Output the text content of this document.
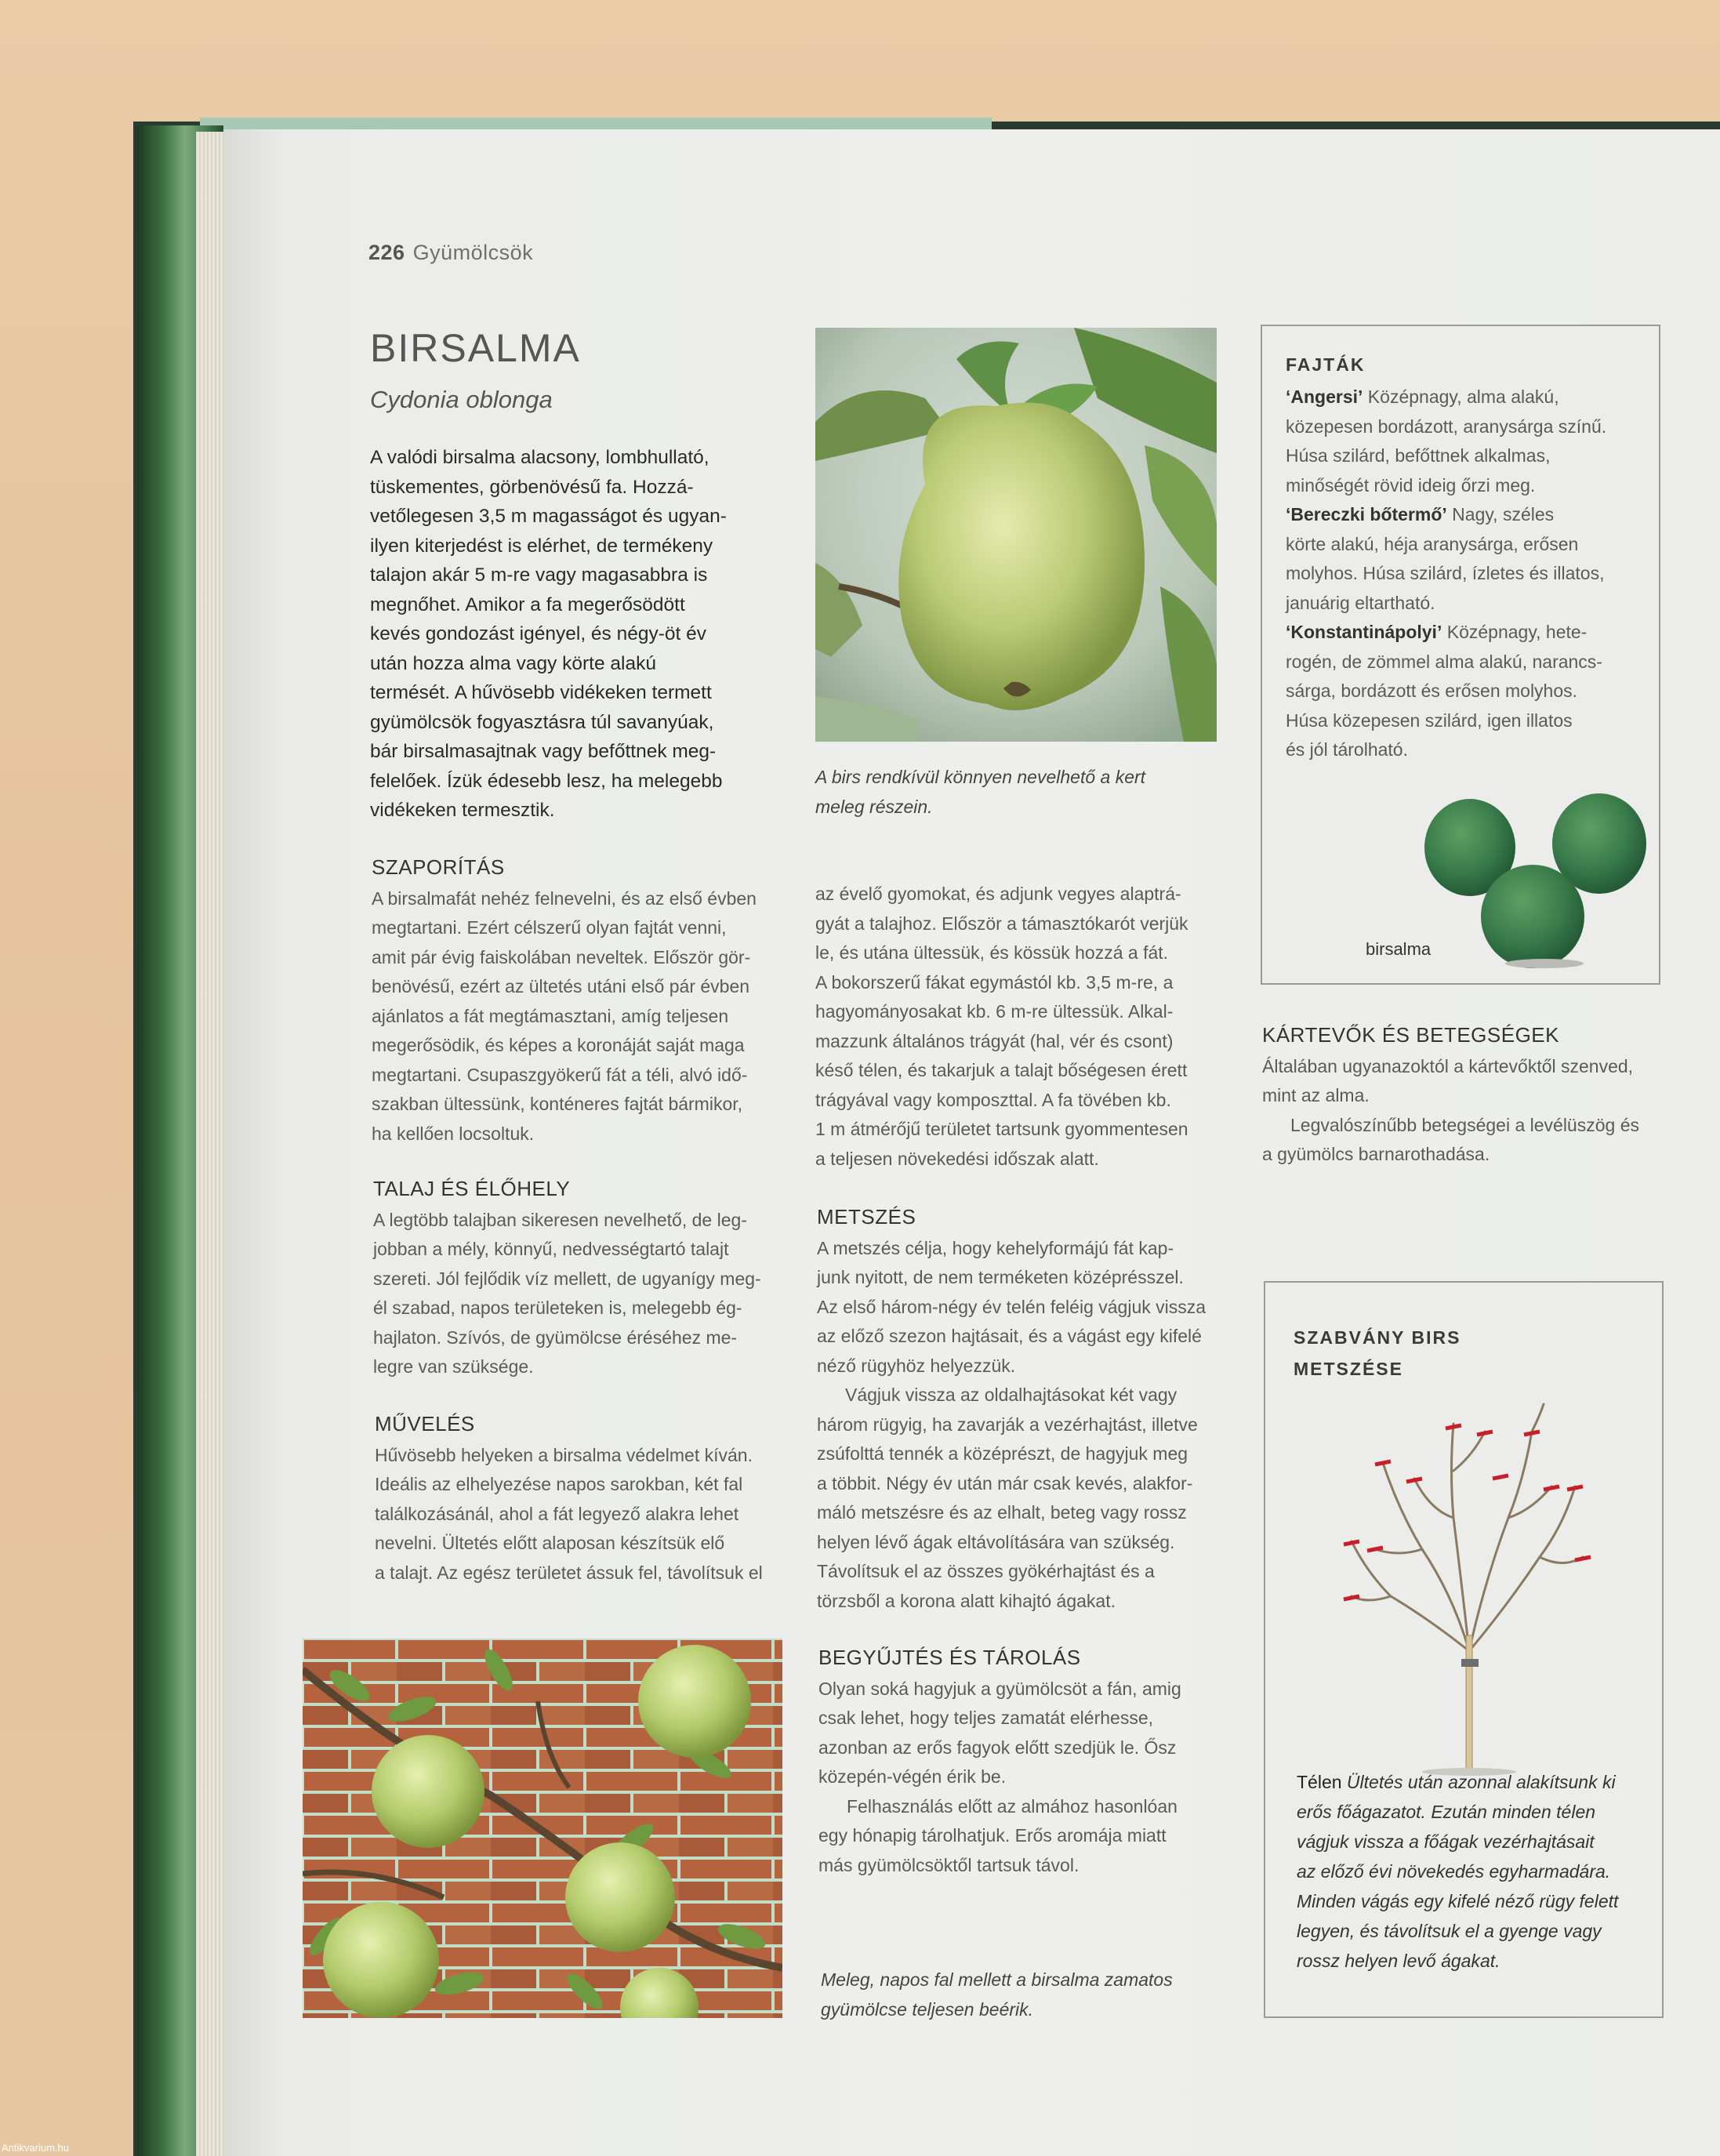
226 Gyümölcsök
BIRSALMA
Cydonia oblonga
A valódi birsalma alacsony, lombhullató,
tüskementes, görbenövésű fa. Hozzá-
vetőlegesen 3,5 m magasságot és ugyan-
ilyen kiterjedést is elérhet, de termékeny
talajon akár 5 m-re vagy magasabbra is
megnőhet. Amikor a fa megerősödött
kevés gondozást igényel, és négy-öt év
után hozza alma vagy körte alakú
termését. A hűvösebb vidékeken termett
gyümölcsök fogyasztásra túl savanyúak,
bár birsalmasajtnak vagy befőttnek meg-
felelőek. Ízük édesebb lesz, ha melegebb
vidékeken termesztik.
A birs rendkívül könnyen nevelhető a kert
meleg részein.
SZAPORÍTÁS
A birsalmafát nehéz felnevelni, és az első évben
megtartani. Ezért célszerű olyan fajtát venni,
amit pár évig faiskolában neveltek. Először gör-
benövésű, ezért az ültetés utáni első pár évben
ajánlatos a fát megtámasztani, amíg teljesen
megerősödik, és képes a koronáját saját maga
megtartani. Csupaszgyökerű fát a téli, alvó idő-
szakban ültessünk, konténeres fajtát bármikor,
ha kellően locsoltuk.
TALAJ ÉS ÉLŐHELY
A legtöbb talajban sikeresen nevelhető, de leg-
jobban a mély, könnyű, nedvességtartó talajt
szereti. Jól fejlődik víz mellett, de ugyanígy meg-
él szabad, napos területeken is, melegebb ég-
hajlaton. Szívós, de gyümölcse éréséhez me-
legre van szüksége.
MŰVELÉS
Hűvösebb helyeken a birsalma védelmet kíván.
Ideális az elhelyezése napos sarokban, két fal
találkozásánál, ahol a fát legyező alakra lehet
nevelni. Ültetés előtt alaposan készítsük elő
a talajt. Az egész területet ássuk fel, távolítsuk el
az évelő gyomokat, és adjunk vegyes alaptrá-
gyát a talajhoz. Először a támasztókarót verjük
le, és utána ültessük, és kössük hozzá a fát.
A bokorszerű fákat egymástól kb. 3,5 m-re, a
hagyományosakat kb. 6 m-re ültessük. Alkal-
mazzunk általános trágyát (hal, vér és csont)
késő télen, és takarjuk a talajt bőségesen érett
trágyával vagy komposzttal. A fa tövében kb.
1 m átmérőjű területet tartsunk gyommentesen
a teljesen növekedési időszak alatt.
METSZÉS
A metszés célja, hogy kehelyformájú fát kap-
junk nyitott, de nem terméketen középrésszel.
Az első három-négy év telén feléig vágjuk vissza
az előző szezon hajtásait, és a vágást egy kifelé
néző rügyhöz helyezzük.
Vágjuk vissza az oldalhajtásokat két vagy
három rügyig, ha zavarják a vezérhajtást, illetve
zsúfolttá tennék a középrészt, de hagyjuk meg
a többit. Négy év után már csak kevés, alakfor-
máló metszésre és az elhalt, beteg vagy rossz
helyen lévő ágak eltávolítására van szükség.
Távolítsuk el az összes gyökérhajtást és a
törzsből a korona alatt kihajtó ágakat.
BEGYŰJTÉS ÉS TÁROLÁS
Olyan soká hagyjuk a gyümölcsöt a fán, amig
csak lehet, hogy teljes zamatát elérhesse,
azonban az erős fagyok előtt szedjük le. Ősz
közepén-végén érik be.
Felhasználás előtt az almához hasonlóan
egy hónapig tárolhatjuk. Erős aromája miatt
más gyümölcsöktől tartsuk távol.
Meleg, napos fal mellett a birsalma zamatos
gyümölcse teljesen beérik.
FAJTÁK
‘Angersi’ Középnagy, alma alakú,
közepesen bordázott, aranysárga színű.
Húsa szilárd, befőttnek alkalmas,
minőségét rövid ideig őrzi meg.
‘Bereczki bőtermő’ Nagy, széles
körte alakú, héja aranysárga, erősen
molyhos. Húsa szilárd, ízletes és illatos,
januárig eltartható.
‘Konstantinápolyi’ Középnagy, hete-
rogén, de zömmel alma alakú, narancs-
sárga, bordázott és erősen molyhos.
Húsa közepesen szilárd, igen illatos
és jól tárolható.
birsalma
KÁRTEVŐK ÉS BETEGSÉGEK
Általában ugyanazoktól a kártevőktől szenved,
mint az alma.
Legvalószínűbb betegségei a levélüszög és
a gyümölcs barnarothadása.
SZABVÁNY BIRS
METSZÉSE
Télen Ültetés után azonnal alakítsunk ki
erős főágazatot. Ezután minden télen
vágjuk vissza a főágak vezérhajtásait
az előző évi növekedés egyharmadára.
Minden vágás egy kifelé néző rügy felett
legyen, és távolítsuk el a gyenge vagy
rossz helyen levő ágakat.
Antikvarium.hu
